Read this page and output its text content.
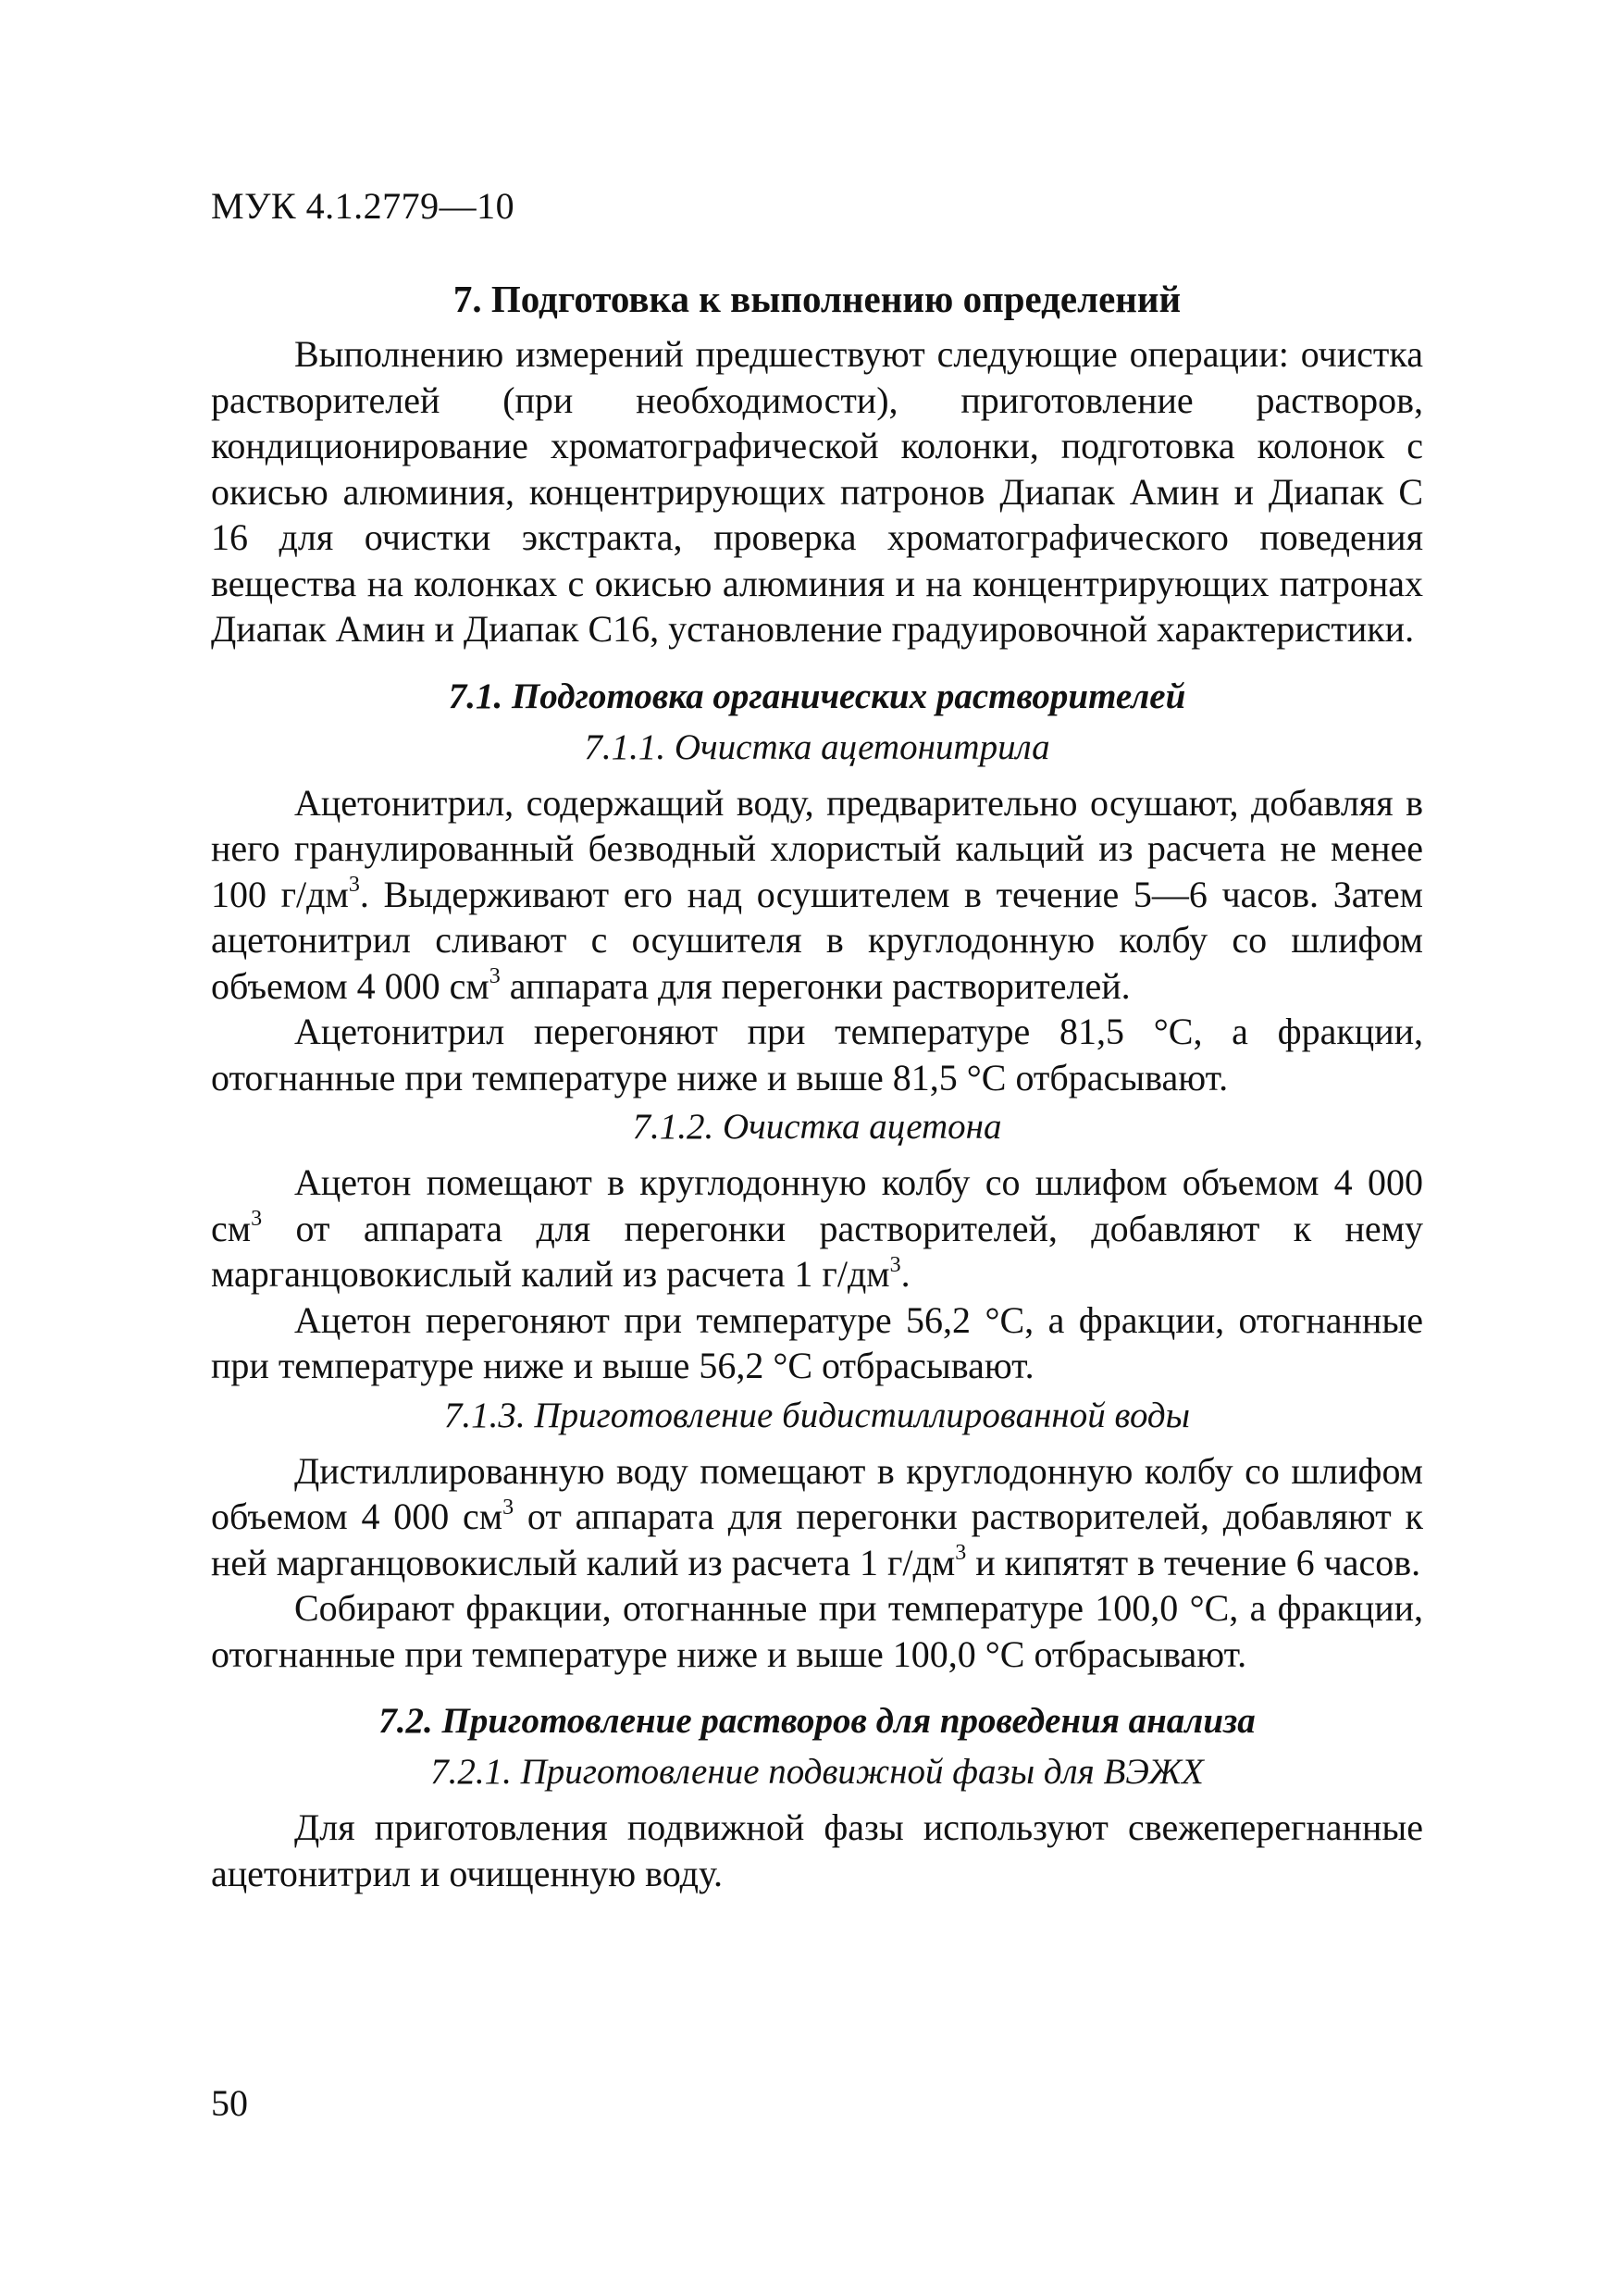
МУК 4.1.2779—10
7. Подготовка к выполнению определений

Выполнению измерений предшествуют следующие операции: очистка растворителей (при необходимости), приготовление растворов, кондиционирование хроматографической колонки, подготовка колонок с окисью алюминия, концентрирующих патронов Диапак Амин и Диапак С 16 для очистки экстракта, проверка хроматографического поведения вещества на колонках с окисью алюминия и на концентрирующих патронах Диапак Амин и Диапак С16, установление градуировочной характеристики.

7.1. Подготовка органических растворителей
7.1.1. Очистка ацетонитрила

Ацетонитрил, содержащий воду, предварительно осушают, добавляя в него гранулированный безводный хлористый кальций из расчета не менее 100 $г/дм^3$. Выдерживают его над осушителем в течение 5—6 часов. Затем ацетонитрил сливают с осушителя в круглодонную колбу со шлифом объемом 4 000 $см^3$ аппарата для перегонки растворителей.

Ацетонитрил перегоняют при температуре 81,5 °С, а фракции, отогнанные при температуре ниже и выше 81,5 °С отбрасывают.

7.1.2. Очистка ацетона

Ацетон помещают в круглодонную колбу со шлифом объемом 4 000 $см^3$ от аппарата для перегонки растворителей, добавляют к нему марганцовокислый калий из расчета 1 $г/дм^3$.

Ацетон перегоняют при температуре 56,2 °С, а фракции, отогнанные при температуре ниже и выше 56,2 °С отбрасывают.

7.1.3. Приготовление бидистиллированной воды

Дистиллированную воду помещают в круглодонную колбу со шлифом объемом 4 000 $см^3$ от аппарата для перегонки растворителей, добавляют к ней марганцовокислый калий из расчета 1 $г/дм^3$ и кипятят в течение 6 часов.

Собирают фракции, отогнанные при температуре 100,0 °С, а фракции, отогнанные при температуре ниже и выше 100,0 °С отбрасывают.

7.2. Приготовление растворов для проведения анализа
7.2.1. Приготовление подвижной фазы для ВЭЖХ

Для приготовления подвижной фазы используют свежеперегнанные ацетонитрил и очищенную воду.

50
